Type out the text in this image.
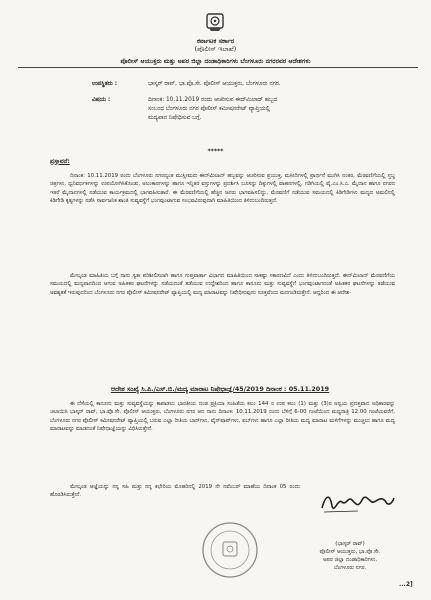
ಕರ್ನಾಟಕ ಸರ್ಕಾರ
(ಪೊಲೀಸ್ ಇಲಾಖೆ)
ಪೊಲೀಸ್ ಆಯುಕ್ತರು ಮತ್ತು ಅಪರ ಜಿಲ್ಲಾ ದಂಡಾಧಿಕಾರಿಗಳು ಬೆಂಗಳೂರು ನಗರರವರ ಆದೇಶಗಳು
ಉಪಸ್ಥಿತರು :	ಭಾಸ್ಕರ್ ರಾವ್, ಭಾ.ಪೊ.ಸೇ. ಪೊಲೀಸ್ ಆಯುಕ್ತರು, ಬೆಂಗಳೂರು ನಗರ.
ವಿಷಯ :	ದಿನಾಂಕ: 10.11.2019 ರಂದು ಆಚರಿಸುವ ಈದ್‌ಮಿಲಾದ್ ಹಬ್ಬದ
ಸಂಬಂಧ ಬೆಂಗಳೂರು ನಗರ ಪೊಲೀಸ್ ಕಮೀಷನರೇಟ್ ವ್ಯಾಪ್ತಿಯಲ್ಲಿ
ಮದ್ಯಪಾನ ನಿಷೇಧಿಸುವ ಬಗ್ಗೆ.
*****
ಪ್ರಸ್ತಾವನೆ:
ದಿನಾಂಕ: 10.11.2019 ರಂದು ಬೆಂಗಳೂರು ನಗರದ್ಯಂತ ಮುಸ್ಲೀಮರು ಈದ್‌ಮಿಲಾದ್ ಹಬ್ಬವನ್ನು ಆಚರಿಸುವ ಪ್ರಯುಕ್ತ, ಮಸೀದಿಗಳಲ್ಲಿ ಪ್ರಾರ್ಥನೆ ಮುಗಿಸಿ ನಂತರ, ಮೆರವಣಿಗೆಯಲ್ಲಿ ಸ್ತಬ್ಧ ಚಿತ್ರಗಳು, ಧ್ವನಿವರ್ಧಕಗಳನ್ನು ಉಪಯೋಗಿಸಿಕೊಂಡು, ಅಲಂಕಾರಗಳನ್ನು ಹಾಗೂ ಇನ್ನಿತರ ವಸ್ತುಗಳನ್ನು ಪ್ರದರ್ಶಿಸಿ ಬೂಸನ್ನು ದಿಕ್ಕುಗಳಲ್ಲಿ ವಾಹನಗಳಲ್ಲಿ, ಗಡಿಗಿಯಲ್ಲಿ ವೈ.ಎಂ.ಸಿ.ಎ. ಮೈದಾನ ಹಾಗೂ ನಗರದ ಇತರೆ ಮೈದಾನಗಳಲ್ಲಿ ನಡೆಯುವ ಕಾರ್ಯಕ್ರಮದಲ್ಲಿ ಭಾಗವಹಿಸುತಾರೆ. ಈ ಮೆರವಣಿಗೆಯಲ್ಲಿ ಹೆಚ್ಚಿನ ಜನರು ಭಾಗವಹಿಸಲಿದ್ದು, ಮೆರವಣಿಗೆ ನಡೆಯುವ ಸಮಯದಲ್ಲಿ ಕಿಡಿಗೇಡಿಗಳು ಮದ್ಯದ ಅಮಲಿನಲ್ಲಿ ಕಿಡಿಗೇಡಿ ಕೃತ್ಯಗಳನ್ನು ನಡೆಸಿ ಸಾರ್ವಜನಿಕ ಶಾಂತಿ ಸುವ್ಯವಸ್ಥೆಗೆ ಭಂಗವುಂಟಾಗುವ ಸಂಭವವಿರುವುದಾಗಿ ಮಾಹಿತಿಯಿಂದ ತಿಳಿದುಬಂದಿರುತ್ತದೆ.
ಮೇಲ್ಕಂಡ ಮಾಹಿತಿಯ ಬಗ್ಗೆ ನಾನು ಸ್ವತಃ ಪರಿಶೀಲಿಸಲಾಗಿ ಹಾಗೂ ಗುಪ್ತವಾರ್ತಾ ವಿಭಾಗದ ಮಾಹಿತಿಯಿಂದ ಸಾಕಷ್ಟು ಸಕಾರಣವಿದೆ ಎಂದು ತಿಳಿದುಬಂದಿರುತ್ತದೆ. ಈದ್‌ಮಿಲಾದ್ ಮೆರವಣಿಗೆಯ ಸಮಯದಲ್ಲಿ ಮದ್ಯಪಾನದಿಂದ ಆಗುವ ಅಹಿತಕರ ಘಟನೆಗಳನ್ನು ನಡೆಯದಂತೆ ತಡೆಯುವ ಉದ್ದೇಶದಿಂದ ಹಾಗೂ ಕಾನೂನು ಮತ್ತು ಸುವ್ಯವಸ್ಥೆಗೆ ಭಂಗವುಂಟಾಗದಂತೆ ಅಹಿತಕರ ಘಟನೆಗಳನ್ನು ತಡೆಯುವ ಅವಶ್ಯಕತೆ ಇರುವುದರಿಂದ ಬೆಂಗಳೂರು ನಗರ ಪೊಲೀಸ್ ಕಮೀಷನರೇಟ್ ವ್ಯಾಪ್ತಿಯಲ್ಲಿ ಮದ್ಯ ಮಾರಾಟವನ್ನು ನಿಷೇಧಿಸುವುದು ಸೂಕ್ತವೆಂದು ಮನಗಂಡಿರುತ್ತೇನೆ. ಆದ್ದರಿಂದ ಈ ಆದೇಶ-
ಆದೇಶ ಸಂಖ್ಯೆ ಸಿ.ಪಿ./ಎಸ್.ಬಿ./ಮದ್ಯ ಮಾರಾಟ ನಿಷೇಧಾಜ್ಞೆ/45/2019 ದಿನಾಂಕ : 05.11.2019
ಈ ದೆಸೆಯಲ್ಲಿ ಕಾನೂನು ಮತ್ತು ಸುವ್ಯವಸ್ಥೆಯನ್ನು ಕಾಪಾಡಲು ಭಾರತೀಯ ದಂಡ ಪ್ರಕ್ರಿಯಾ ಸಂಹಿತೆಯ ಕಲಂ 144 ರ ಉಪ ಕಲಂ (1) ಮತ್ತು (3)ರ ಅನ್ವಯ ಪ್ರದತ್ತವಾದ ಅಧಿಕಾರವನ್ನು ಚಲಾಯಿಸಿ ಭಾಸ್ಕರ್ ರಾವ್, ಭಾ.ಪೊ.ಸೇ. ಪೊಲೀಸ್ ಆಯುಕ್ತರು, ಬೆಂಗಳೂರು ನಗರ ಆದ ನಾನು ದಿನಾಂಕ: 10.11.2019 ರಂದು ಬೆಳಿಗ್ಗೆ 6-00 ಗಂಟೆಯಿಂದ ಮಧ್ಯರಾತ್ರಿ 12.00 ಗಂಟೆಯವರೆಗೆ, ಬೆಂಗಳೂರು ನಗರ ಪೊಲೀಸ್ ಕಮೀಷನರೇಟ್ ವ್ಯಾಪ್ತಿಯಲ್ಲಿ ಬರುವ ಎಲ್ಲಾ ರೀತಿಯ ಬಾರ್‌ಗಳು, ವೈನ್‌ಷಾಪ್‌ಗಳು, ಪಬ್‌ಗಳು ಹಾಗೂ ಎಲ್ಲಾ ರೀತಿಯ ಮದ್ಯ ಮಾರಾಟ ಮಳಿಗೆಗಳನ್ನು ಮುಚ್ಚಲು ಹಾಗೂ ಮದ್ಯ ಮಾರಾಟವನ್ನು ಮಾಡದಂತೆ ನಿಷೇಧಾಜ್ಞೆಯನ್ನು ವಿಧಿಸಿರುತ್ತೇನೆ.
ಮೇಲ್ಕಂಡ ಆಜ್ಞೆಯನ್ನು ನನ್ನ ಸಹಿ ಮತ್ತು ನನ್ನ ಕಛೇರಿಯ ಮೊಹರಿನಲ್ಲಿ 2019 ನೇ ನವೆಂಬರ್ ಮಾಹೆಯ ದಿನಾಂಕ 05 ರಂದು ಹೊರಡಿಸಿರುತ್ತೇನೆ.
(ಭಾಸ್ಕರ್ ರಾವ್)
ಪೊಲೀಸ್ ಆಯುಕ್ತರು, ಭಾ.ಪೊ.ಸೇ.
ಅಪರ ಜಿಲ್ಲಾ ದಂಡಾಧಿಕಾರಿಗಳು,
ಬೆಂಗಳೂರು ನಗರ.
...2]
